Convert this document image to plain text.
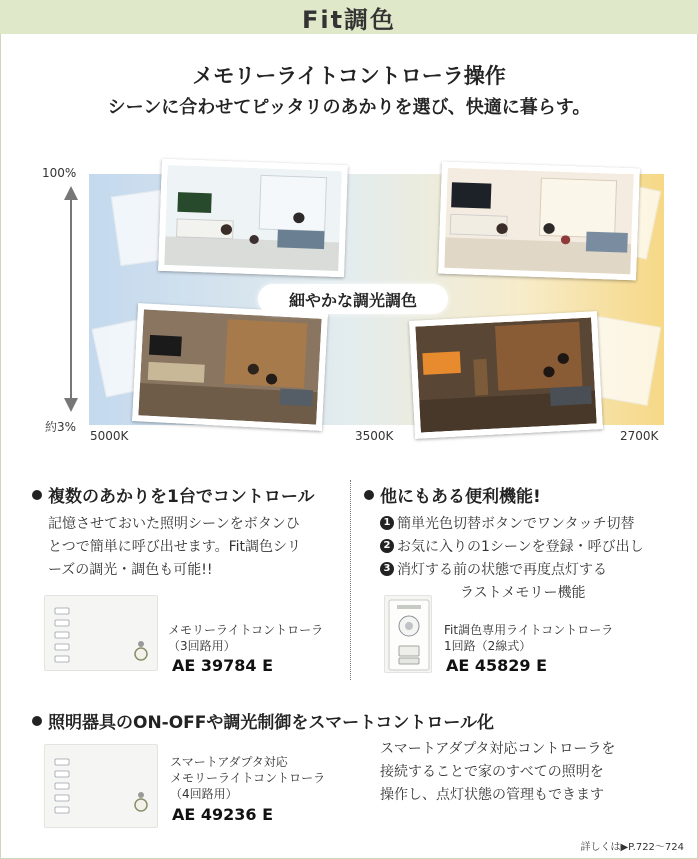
Fit調色
メモリーライトコントローラ操作
シーンに合わせてピッタリのあかりを選び、快適に暮らす。
100%
約3%
5000K	3500K	2700K
細やかな調光調色
複数のあかりを1台でコントロール
記憶させておいた照明シーンをボタンひ
とつで簡単に呼び出せます。Fit調色シリ
ーズの調光・調色も可能!!
メモリーライトコントローラ
（3回路用）
AE 39784 E
他にもある便利機能!
1 簡単光色切替ボタンでワンタッチ切替
2 お気に入りの1シーンを登録・呼び出し
3 消灯する前の状態で再度点灯する
ラストメモリー機能
Fit調色専用ライトコントローラ
1回路（2線式）
AE 45829 E
照明器具のON-OFFや調光制御をスマートコントロール化
スマートアダプタ対応
メモリーライトコントローラ
（4回路用）
AE 49236 E
スマートアダプタ対応コントローラを
接続することで家のすべての照明を
操作し、点灯状態の管理もできます
詳しくは▶P.722〜724
